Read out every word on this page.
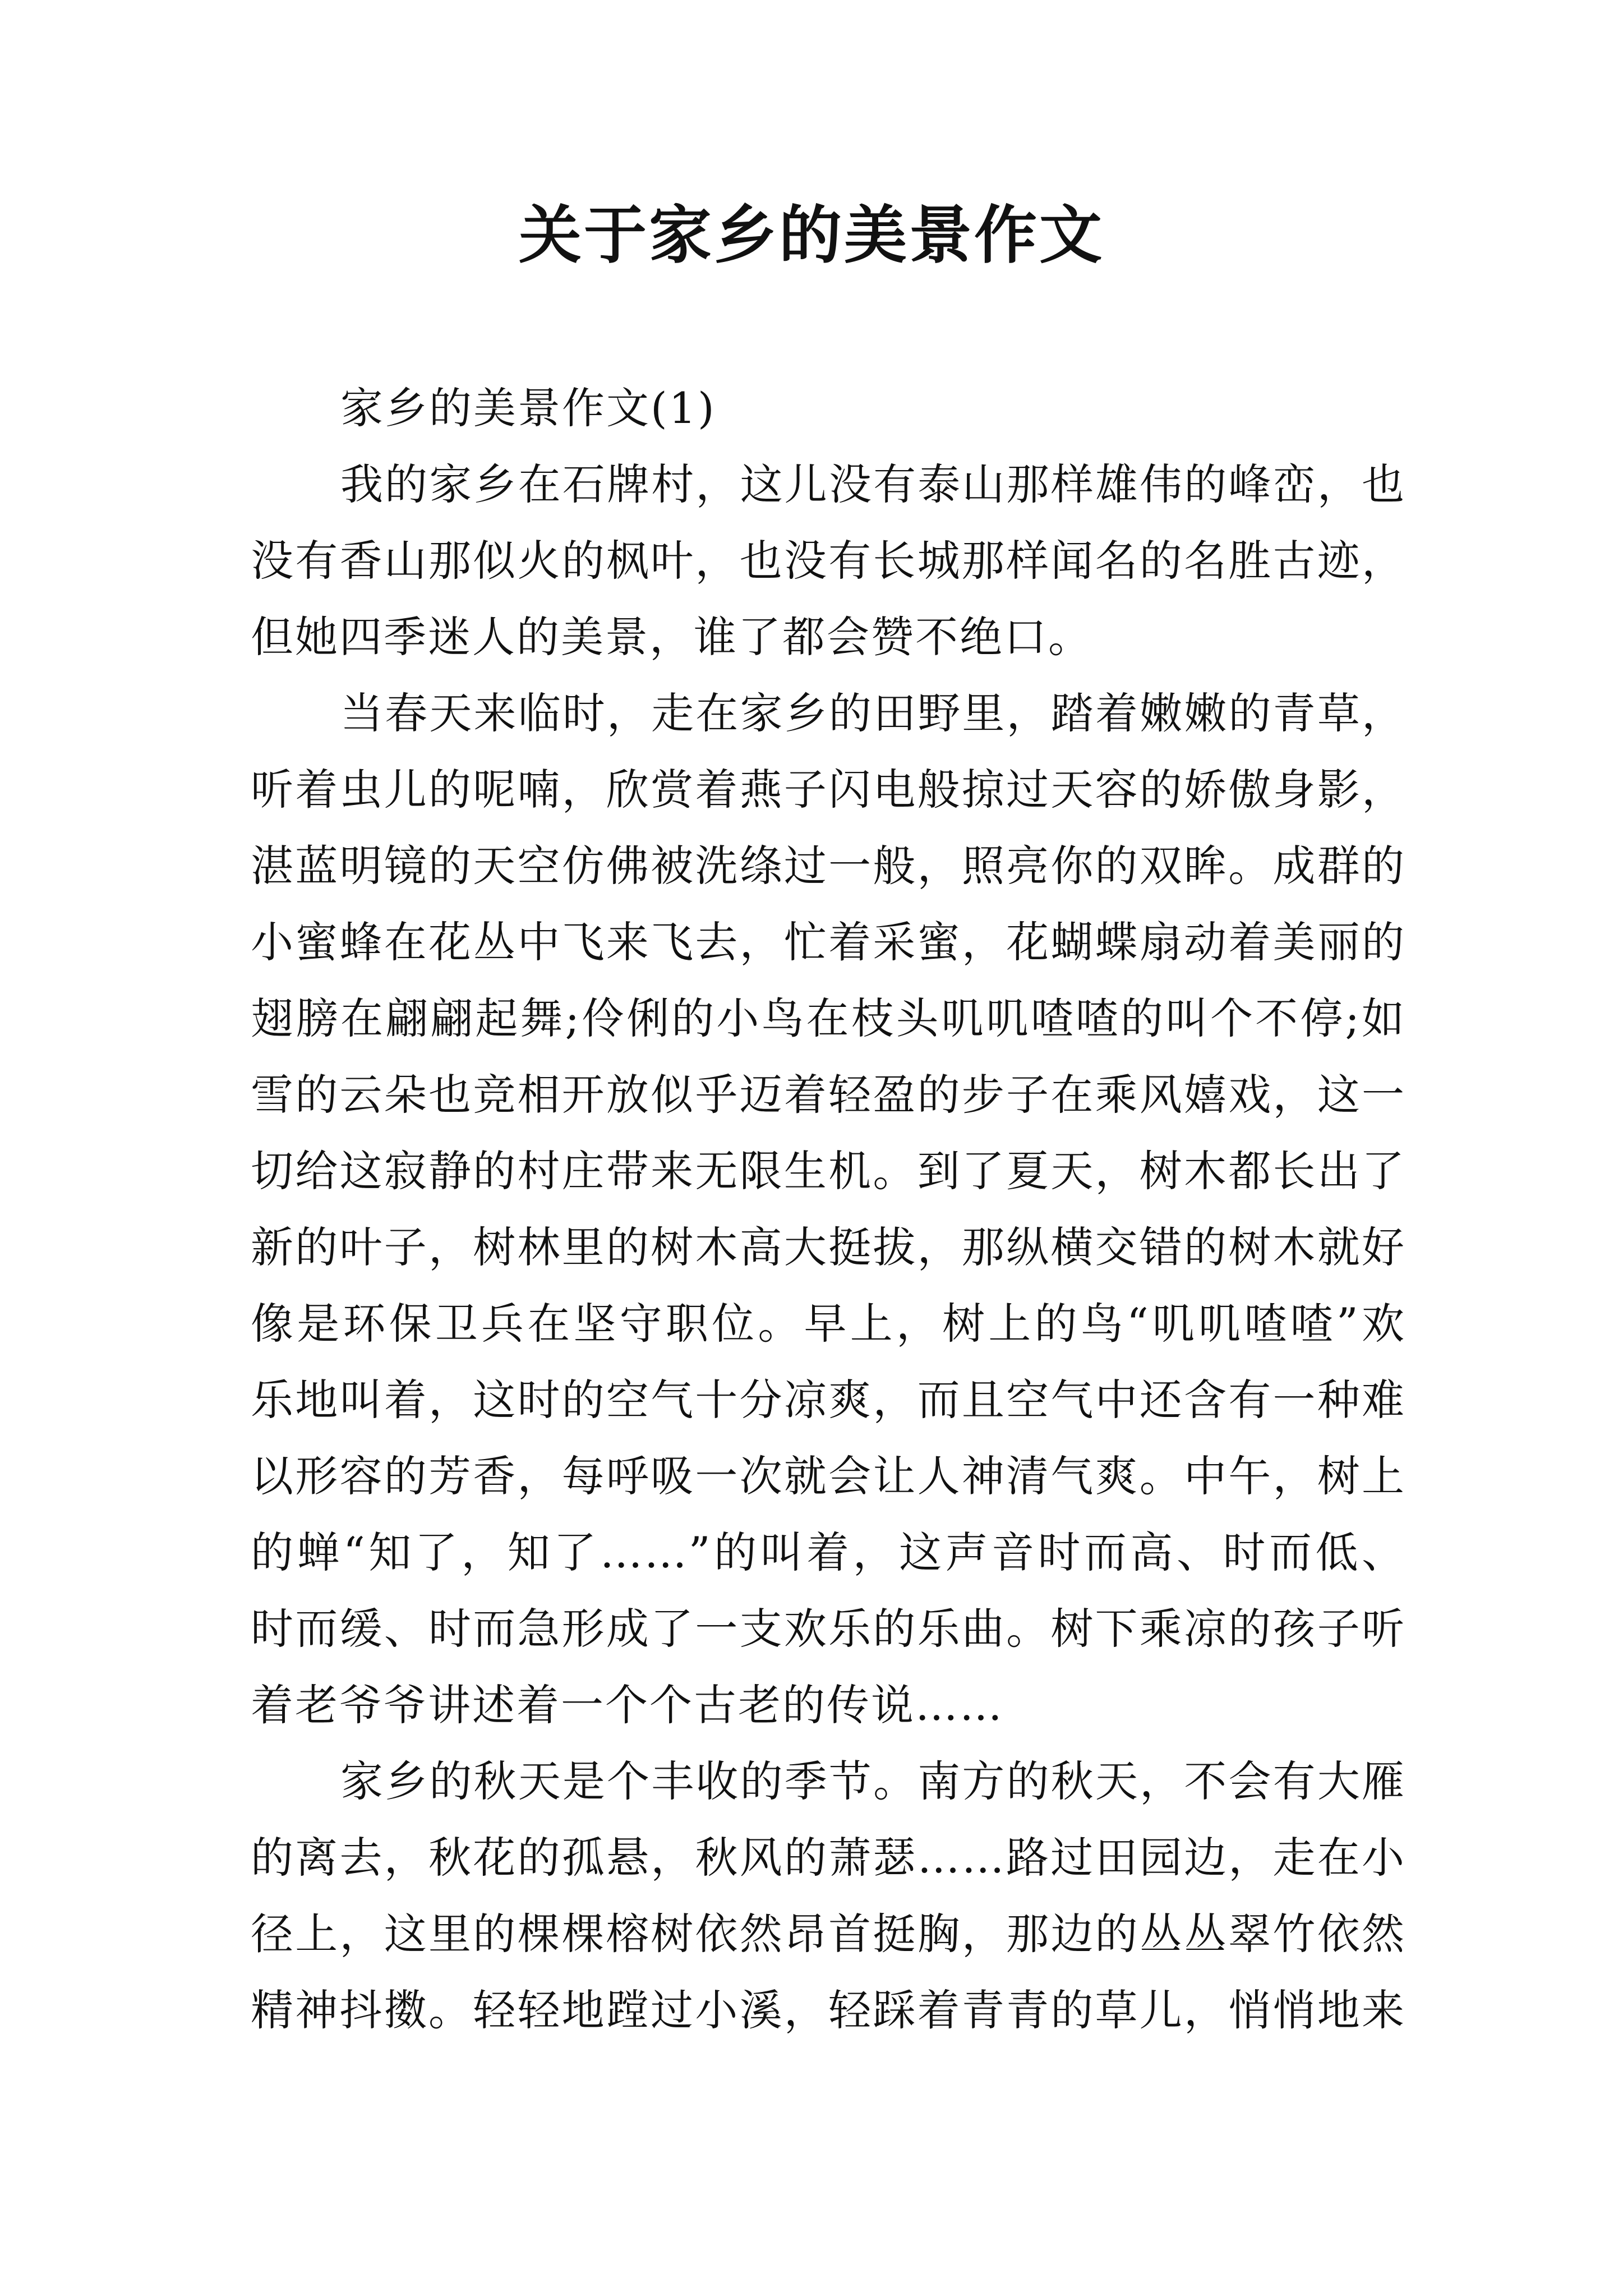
关于家乡的美景作文
家乡的美景作文(1)
我的家乡在石牌村，这儿没有泰山那样雄伟的峰峦，也
没有香山那似火的枫叶，也没有长城那样闻名的名胜古迹，
但她四季迷人的美景，谁了都会赞不绝口。
当春天来临时，走在家乡的田野里，踏着嫩嫩的青草，
听着虫儿的呢喃，欣赏着燕子闪电般掠过天容的娇傲身影，
湛蓝明镜的天空仿佛被洗绦过一般，照亮你的双眸。成群的
小蜜蜂在花丛中飞来飞去，忙着采蜜，花蝴蝶扇动着美丽的
翅膀在翩翩起舞;伶俐的小鸟在枝头叽叽喳喳的叫个不停;如
雪的云朵也竞相开放似乎迈着轻盈的步子在乘风嬉戏，这一
切给这寂静的村庄带来无限生机。到了夏天，树木都长出了
新的叶子，树林里的树木高大挺拔，那纵横交错的树木就好
像是环保卫兵在坚守职位。早上，树上的鸟“叽叽喳喳”欢
乐地叫着，这时的空气十分凉爽，而且空气中还含有一种难
以形容的芳香，每呼吸一次就会让人神清气爽。中午，树上
的蝉“知了，知了……”的叫着，这声音时而高、时而低、
时而缓、时而急形成了一支欢乐的乐曲。树下乘凉的孩子听
着老爷爷讲述着一个个古老的传说……
家乡的秋天是个丰收的季节。南方的秋天，不会有大雁
的离去，秋花的孤悬，秋风的萧瑟……路过田园边，走在小
径上，这里的棵棵榕树依然昂首挺胸，那边的丛丛翠竹依然
精神抖擞。轻轻地蹚过小溪，轻踩着青青的草儿，悄悄地来
